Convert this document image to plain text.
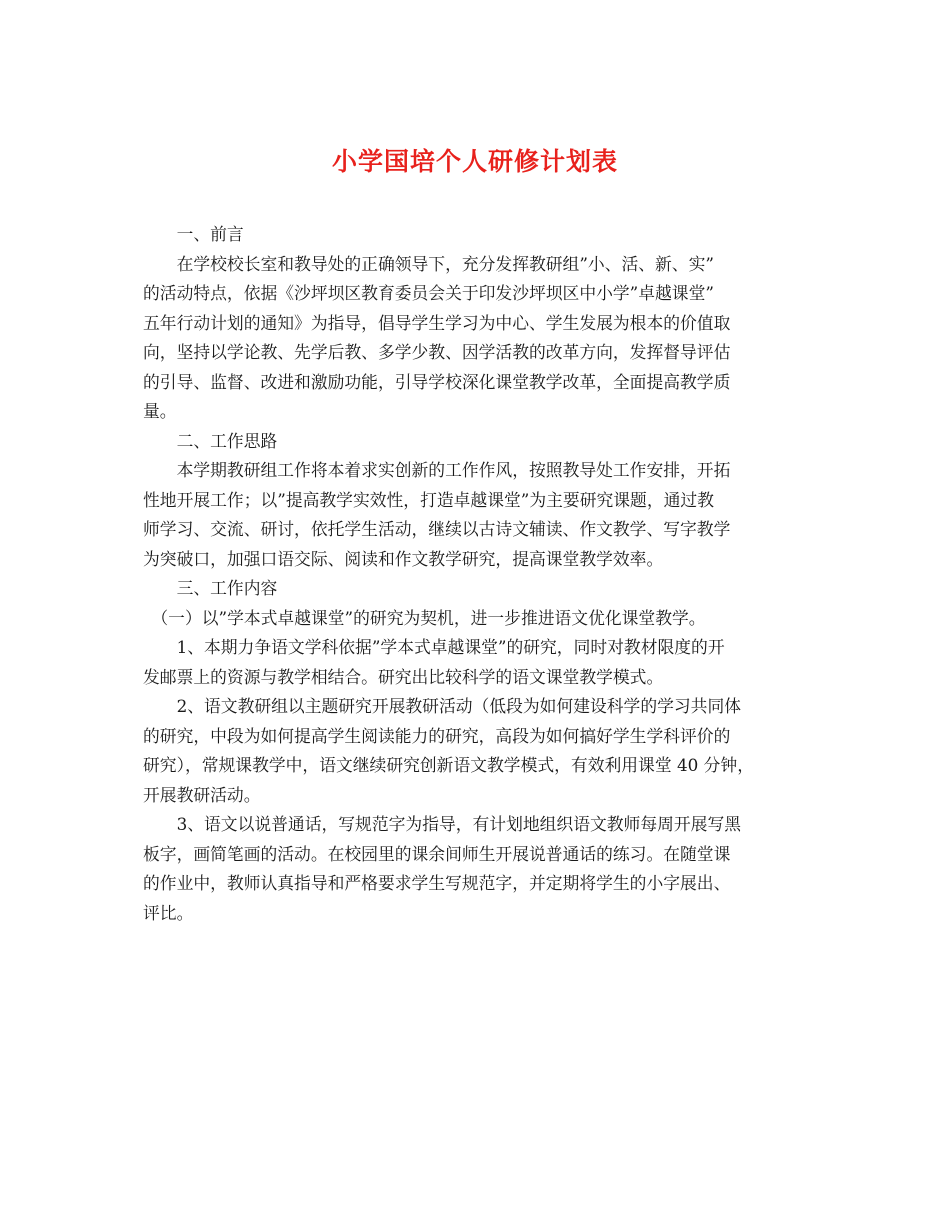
小学国培个人研修计划表
　　一、前言
　　在学校校长室和教导处的正确领导下，充分发挥教研组”小、活、新、实”
的活动特点，依据《沙坪坝区教育委员会关于印发沙坪坝区中小学”卓越课堂”
五年行动计划的通知》为指导，倡导学生学习为中心、学生发展为根本的价值取
向，坚持以学论教、先学后教、多学少教、因学活教的改革方向，发挥督导评估
的引导、监督、改进和激励功能，引导学校深化课堂教学改革，全面提高教学质
量。
　　二、工作思路
　　本学期教研组工作将本着求实创新的工作作风，按照教导处工作安排，开拓
性地开展工作；以”提高教学实效性，打造卓越课堂”为主要研究课题，通过教
师学习、交流、研讨，依托学生活动，继续以古诗文辅读、作文教学、写字教学
为突破口，加强口语交际、阅读和作文教学研究，提高课堂教学效率。
　　三、工作内容
　（一）以”学本式卓越课堂”的研究为契机，进一步推进语文优化课堂教学。
　　1、本期力争语文学科依据”学本式卓越课堂”的研究，同时对教材限度的开
发邮票上的资源与教学相结合。研究出比较科学的语文课堂教学模式。
　　2、语文教研组以主题研究开展教研活动（低段为如何建设科学的学习共同体
的研究，中段为如何提高学生阅读能力的研究，高段为如何搞好学生学科评价的
研究），常规课教学中，语文继续研究创新语文教学模式，有效利用课堂 40 分钟，
开展教研活动。
　　3、语文以说普通话，写规范字为指导，有计划地组织语文教师每周开展写黑
板字，画简笔画的活动。在校园里的课余间师生开展说普通话的练习。在随堂课
的作业中，教师认真指导和严格要求学生写规范字，并定期将学生的小字展出、
评比。
